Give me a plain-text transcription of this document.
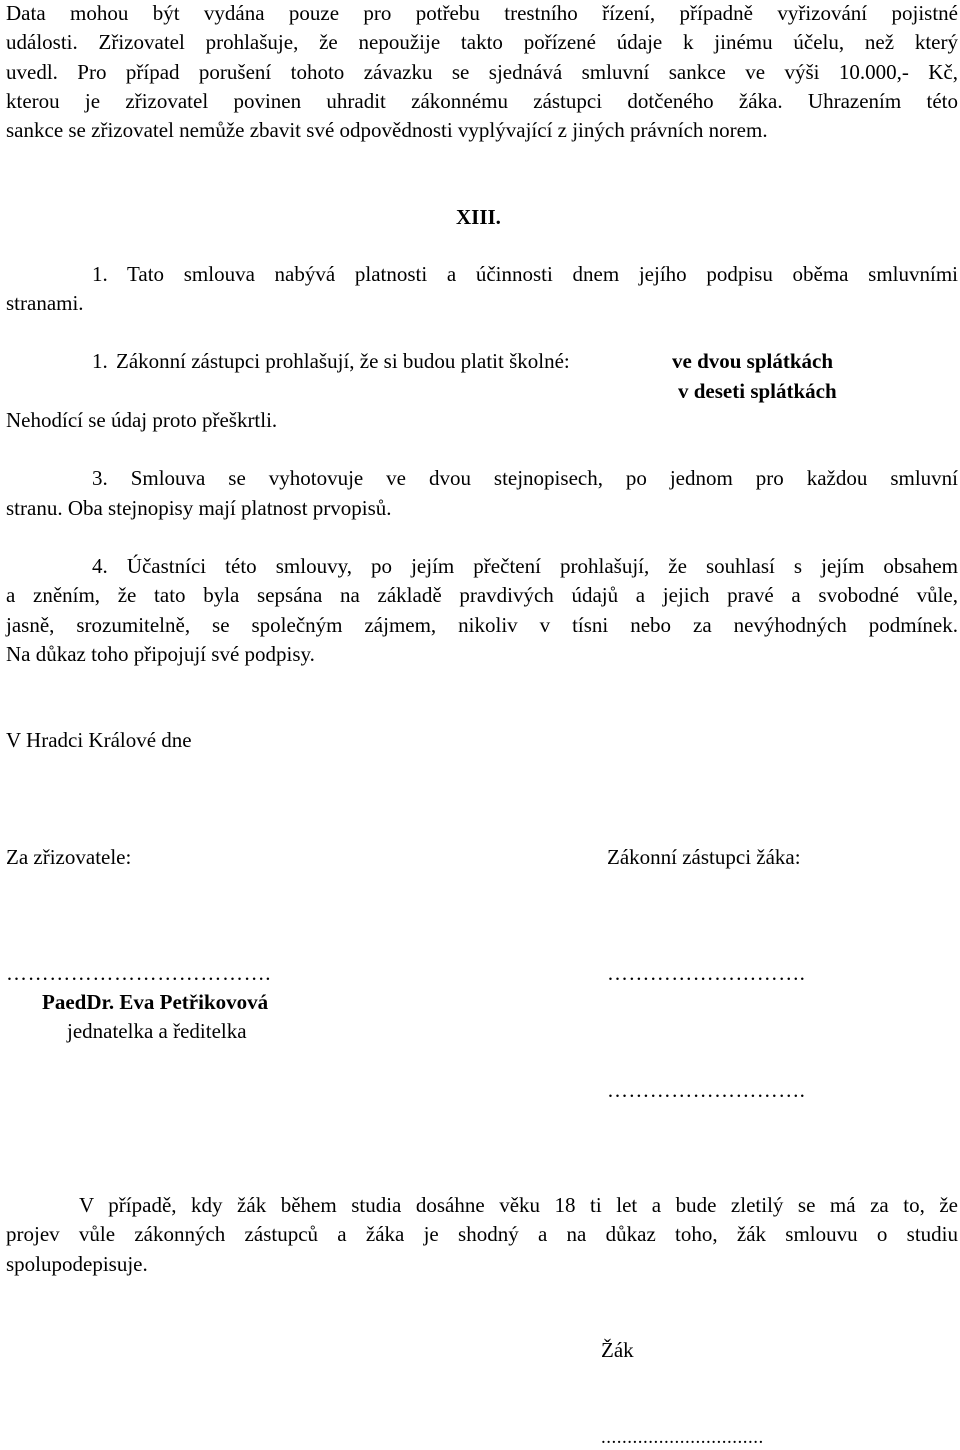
Data mohou být vydána pouze pro potřebu trestního řízení, případně vyřizování pojistné
události. Zřizovatel prohlašuje, že nepoužije takto pořízené údaje k jinému účelu, než který
uvedl. Pro případ porušení tohoto závazku se sjednává smluvní sankce ve výši 10.000,- Kč,
kterou je zřizovatel povinen uhradit zákonnému zástupci dotčeného žáka. Uhrazením této
sankce se zřizovatel nemůže zbavit své odpovědnosti vyplývající z jiných právních norem.
XIII.
1. Tato smlouva nabývá platnosti a účinnosti dnem jejího podpisu oběma smluvními
stranami.
1. Zákonní zástupci prohlašují, že si budou platit školné:	ve dvou splátkách
v deseti splátkách
Nehodící se údaj proto přeškrtli.
3. Smlouva se vyhotovuje ve dvou stejnopisech, po jednom pro každou smluvní
stranu. Oba stejnopisy mají platnost prvopisů.
4. Účastníci této smlouvy, po jejím přečtení prohlašují, že souhlasí s jejím obsahem
a zněním, že tato byla sepsána na základě pravdivých údajů a jejich pravé a svobodné vůle,
jasně, srozumitelně, se společným zájmem, nikoliv v tísni nebo za nevýhodných podmínek.
Na důkaz toho připojují své podpisy.
V Hradci Králové dne
Za zřizovatele:	Zákonní zástupci žáka:
……………………………….	……………………….
PaedDr. Eva Petřikovová
jednatelka a ředitelka
……………………….
V případě, kdy žák během studia dosáhne věku 18 ti let a bude zletilý se má za to, že
projev vůle zákonných zástupců a žáka je shodný a na důkaz toho, žák smlouvu o studiu
spolupodepisuje.
Žák
...............................
